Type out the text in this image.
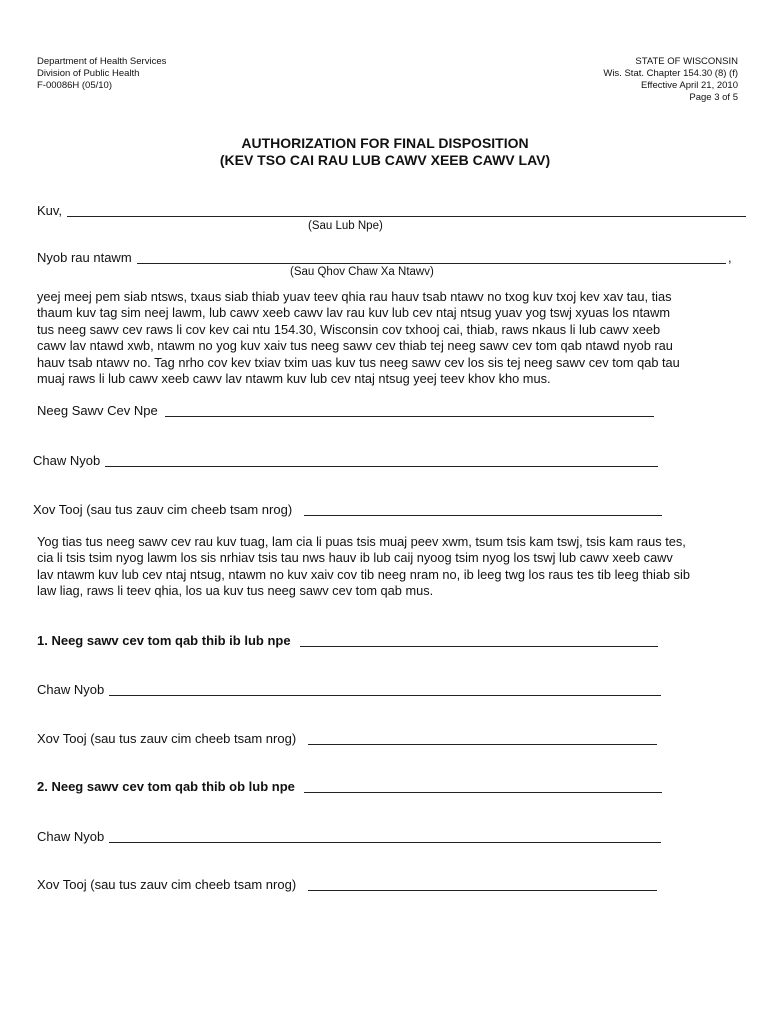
Department of Health Services
Division of Public Health
F-00086H (05/10)
STATE OF WISCONSIN
Wis. Stat. Chapter 154.30 (8) (f)
Effective April 21, 2010
Page 3 of 5
AUTHORIZATION FOR FINAL DISPOSITION
(KEV TSO CAI RAU LUB CAWV XEEB CAWV LAV)
Kuv,
(Sau Lub Npe)
Nyob rau ntawm	,
(Sau Qhov Chaw Xa Ntawv)

yeej meej pem siab ntsws, txaus siab thiab yuav teev qhia rau hauv tsab ntawv no txog kuv txoj kev xav tau, tias

thaum kuv tag sim neej lawm, lub cawv xeeb cawv lav rau kuv lub cev ntaj ntsug yuav yog tswj xyuas los ntawm

tus neeg sawv cev raws li cov kev cai ntu 154.30, Wisconsin cov txhooj cai, thiab, raws nkaus li lub cawv xeeb

cawv lav ntawd xwb, ntawm no yog kuv xaiv tus neeg sawv cev thiab tej neeg sawv cev tom qab ntawd nyob rau

hauv tsab ntawv no. Tag nrho cov kev txiav txim uas kuv tus neeg sawv cev los sis tej neeg sawv cev tom qab tau

muaj raws li lub cawv xeeb cawv lav ntawm kuv lub cev ntaj ntsug yeej teev khov kho mus.

Neeg Sawv Cev Npe
Chaw Nyob
Xov Tooj (sau tus zauv cim cheeb tsam nrog)

Yog tias tus neeg sawv cev rau kuv tuag, lam cia li puas tsis muaj peev xwm, tsum tsis kam tswj, tsis kam raus tes,

cia li tsis tsim nyog lawm los sis nrhiav tsis tau nws hauv ib lub caij nyoog tsim nyog los tswj lub cawv xeeb cawv

lav ntawm kuv lub cev ntaj ntsug, ntawm no kuv xaiv cov tib neeg nram no, ib leeg twg los raus tes tib leeg thiab sib

law liag, raws li teev qhia, los ua kuv tus neeg sawv cev tom qab mus.

1. Neeg sawv cev tom qab thib ib lub npe
Chaw Nyob
Xov Tooj (sau tus zauv cim cheeb tsam nrog)
2. Neeg sawv cev tom qab thib ob lub npe
Chaw Nyob
Xov Tooj (sau tus zauv cim cheeb tsam nrog)
